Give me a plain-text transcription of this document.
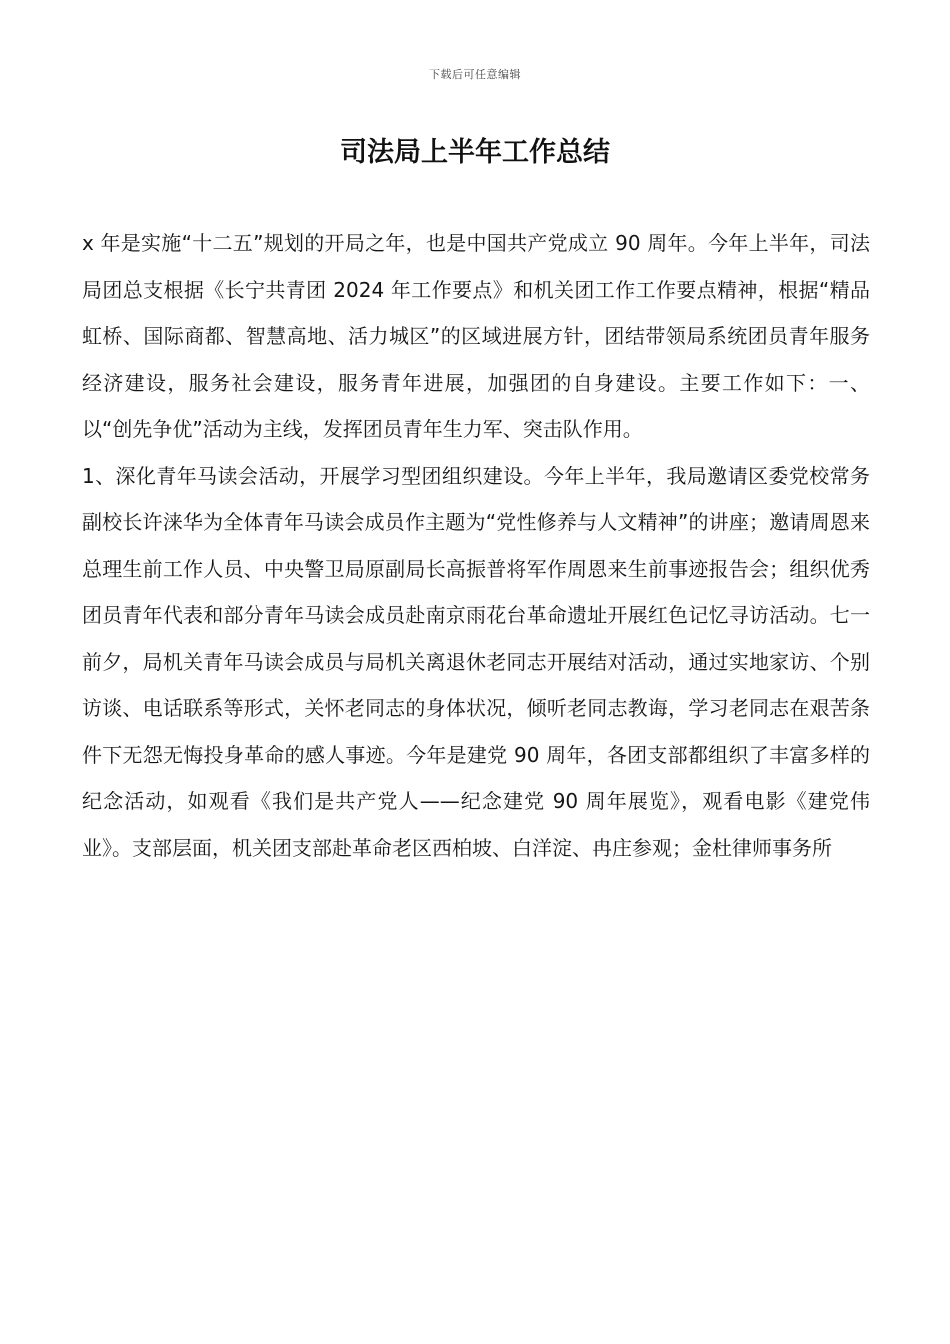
下载后可任意编辑
司法局上半年工作总结

x 年是实施“十二五”规划的开局之年，也是中国共产党成立 90 周年。今年上半年，司法局团总支根据《长宁共青团 2024 年工作要点》和机关团工作工作要点精神，根据“精品虹桥、国际商都、智慧高地、活力城区”的区域进展方针，团结带领局系统团员青年服务经济建设，服务社会建设，服务青年进展，加强团的自身建设。主要工作如下：一、以“创先争优”活动为主线，发挥团员青年生力军、突击队作用。

1、深化青年马读会活动，开展学习型团组织建设。今年上半年，我局邀请区委党校常务副校长许涞华为全体青年马读会成员作主题为“党性修养与人文精神”的讲座；邀请周恩来总理生前工作人员、中央警卫局原副局长高振普将军作周恩来生前事迹报告会；组织优秀团员青年代表和部分青年马读会成员赴南京雨花台革命遗址开展红色记忆寻访活动。七一前夕，局机关青年马读会成员与局机关离退休老同志开展结对活动，通过实地家访、个别访谈、电话联系等形式，关怀老同志的身体状况，倾听老同志教诲，学习老同志在艰苦条件下无怨无悔投身革命的感人事迹。今年是建党 90 周年，各团支部都组织了丰富多样的纪念活动，如观看《我们是共产党人——纪念建党 90 周年展览》，观看电影《建党伟业》。支部层面，机关团支部赴革命老区西柏坡、白洋淀、冉庄参观；金杜律师事务所
